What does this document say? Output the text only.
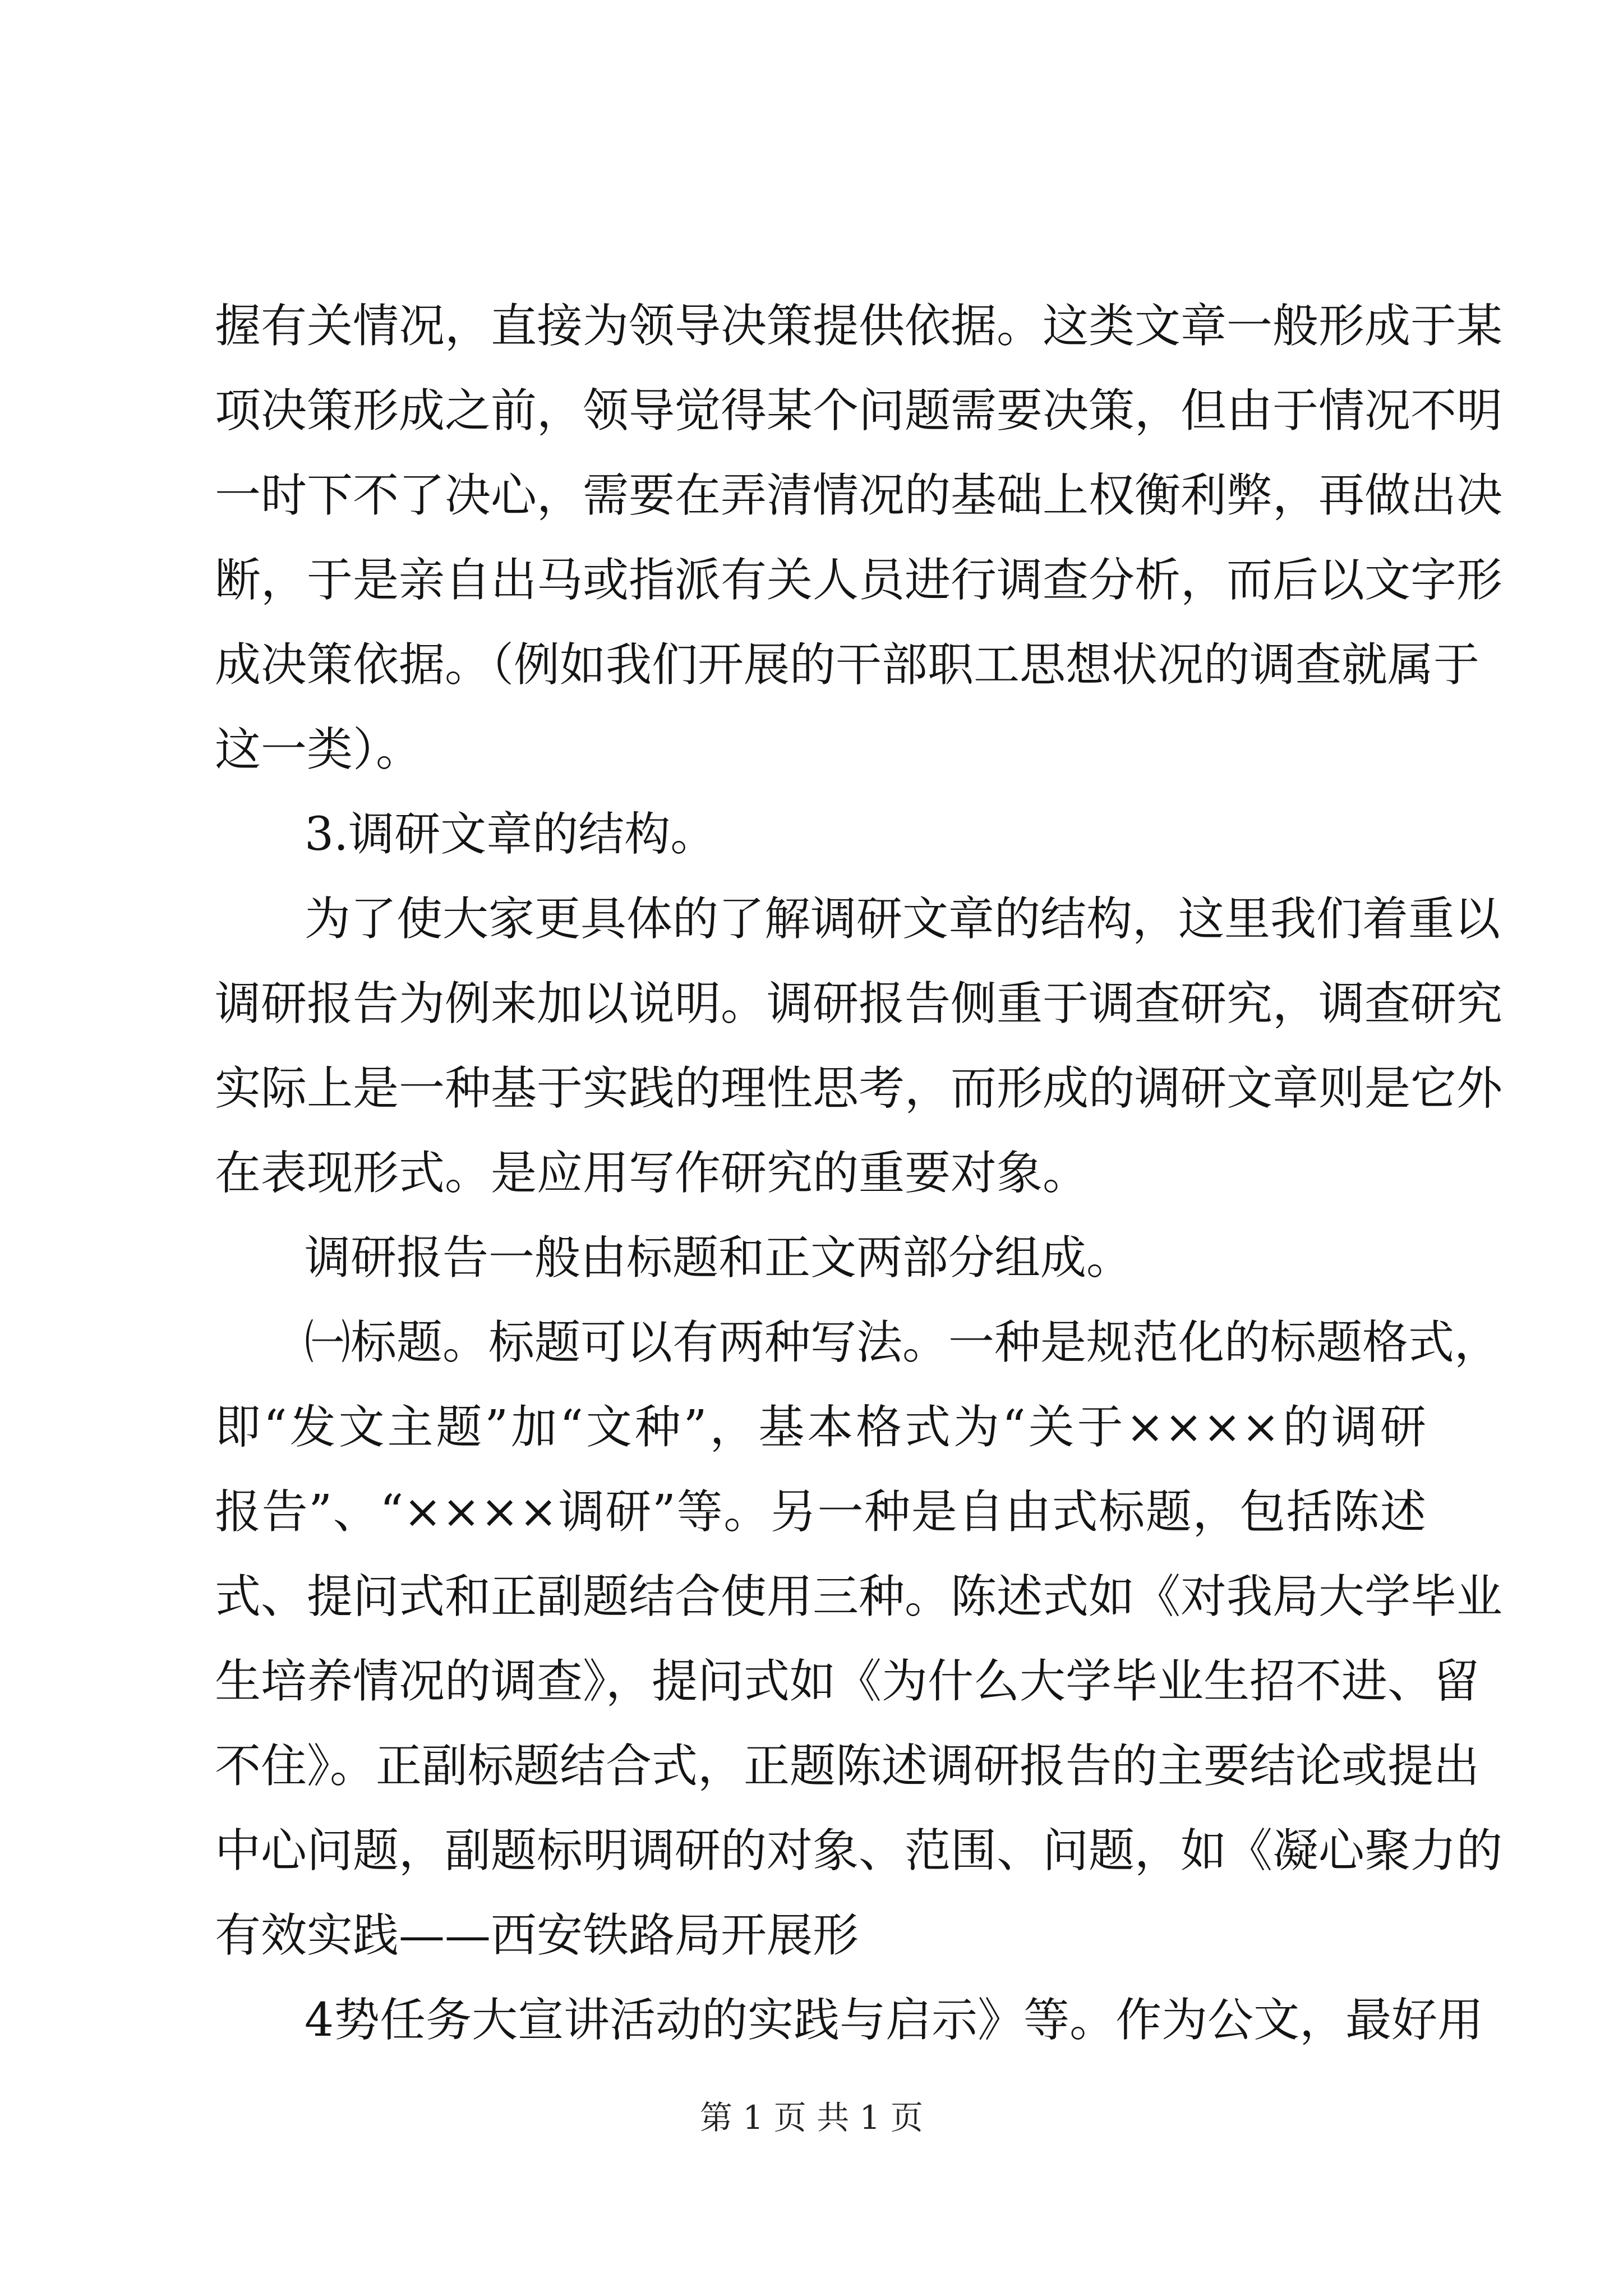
握有关情况，直接为领导决策提供依据。这类文章一般形成于某
项决策形成之前，领导觉得某个问题需要决策，但由于情况不明
一时下不了决心，需要在弄清情况的基础上权衡利弊，再做出决
断，于是亲自出马或指派有关人员进行调查分析，而后以文字形
成决策依据。（例如我们开展的干部职工思想状况的调查就属于
这一类）。
3.调研文章的结构。
为了使大家更具体的了解调研文章的结构，这里我们着重以
调研报告为例来加以说明。调研报告侧重于调查研究，调查研究
实际上是一种基于实践的理性思考，而形成的调研文章则是它外
在表现形式。是应用写作研究的重要对象。
调研报告一般由标题和正文两部分组成。
㈠标题。标题可以有两种写法。一种是规范化的标题格式，
即“发文主题”加“文种”，基本格式为“关于××××的调研
报告”、“××××调研”等。另一种是自由式标题，包括陈述
式、提问式和正副题结合使用三种。陈述式如《对我局大学毕业
生培养情况的调查》，提问式如《为什么大学毕业生招不进、留
不住》。正副标题结合式，正题陈述调研报告的主要结论或提出
中心问题，副题标明调研的对象、范围、问题，如《凝心聚力的
有效实践——西安铁路局开展形
4势任务大宣讲活动的实践与启示》等。作为公文，最好用
第 1 页 共 1 页
